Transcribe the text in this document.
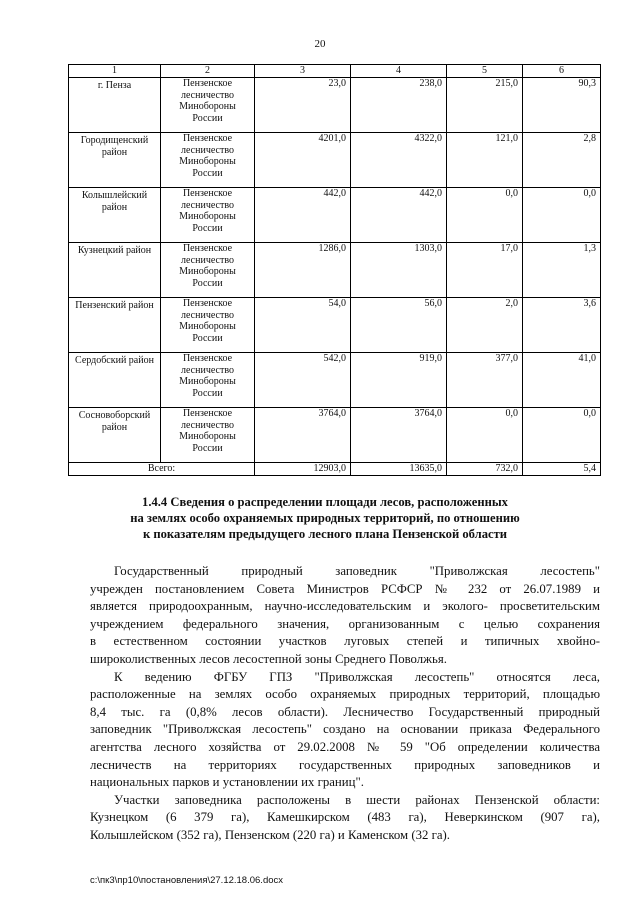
20
1	2	3	4	5	6
г. Пенза	Пензенское лесничество Минобороны России	23,0	238,0	215,0	90,3
Городищенский район	Пензенское лесничество Минобороны России	4201,0	4322,0	121,0	2,8
Колышлейский район	Пензенское лесничество Минобороны России	442,0	442,0	0,0	0,0
Кузнецкий район	Пензенское лесничество Минобороны России	1286,0	1303,0	17,0	1,3
Пензенский район	Пензенское лесничество Минобороны России	54,0	56,0	2,0	3,6
Сердобский район	Пензенское лесничество Минобороны России	542,0	919,0	377,0	41,0
Сосновоборский район	Пензенское лесничество Минобороны России	3764,0	3764,0	0,0	0,0
Всего:		12903,0	13635,0	732,0	5,4
1.4.4 Сведения о распределении площади лесов, расположенных
на землях особо охраняемых природных территорий, по отношению
к показателям предыдущего лесного плана Пензенской области

Государственный природный заповедник "Приволжская лесостепь"
учрежден постановлением Совета Министров РСФСР № 232 от 26.07.1989 и
является природоохранным, научно-исследовательским и эколого- просветительским
учреждением федерального значения, организованным с целью сохранения
в естественном состоянии участков луговых степей и типичных хвойно-
широколиственных лесов лесостепной зоны Среднего Поволжья.

К ведению ФГБУ ГПЗ "Приволжская лесостепь" относятся леса,
расположенные на землях особо охраняемых природных территорий, площадью
8,4 тыс. га (0,8% лесов области). Лесничество Государственный природный
заповедник "Приволжская лесостепь" создано на основании приказа Федерального
агентства лесного хозяйства от 29.02.2008 № 59 "Об определении количества
лесничеств на территориях государственных природных заповедников и
национальных парков и установлении их границ".

Участки заповедника расположены в шести районах Пензенской области:
Кузнецком (6 379 га), Камешкирском (483 га), Неверкинском (907 га),
Колышлейском (352 га), Пензенском (220 га) и Каменском (32 га).

c:\пк3\пр10\постановления\27.12.18.06.docx
